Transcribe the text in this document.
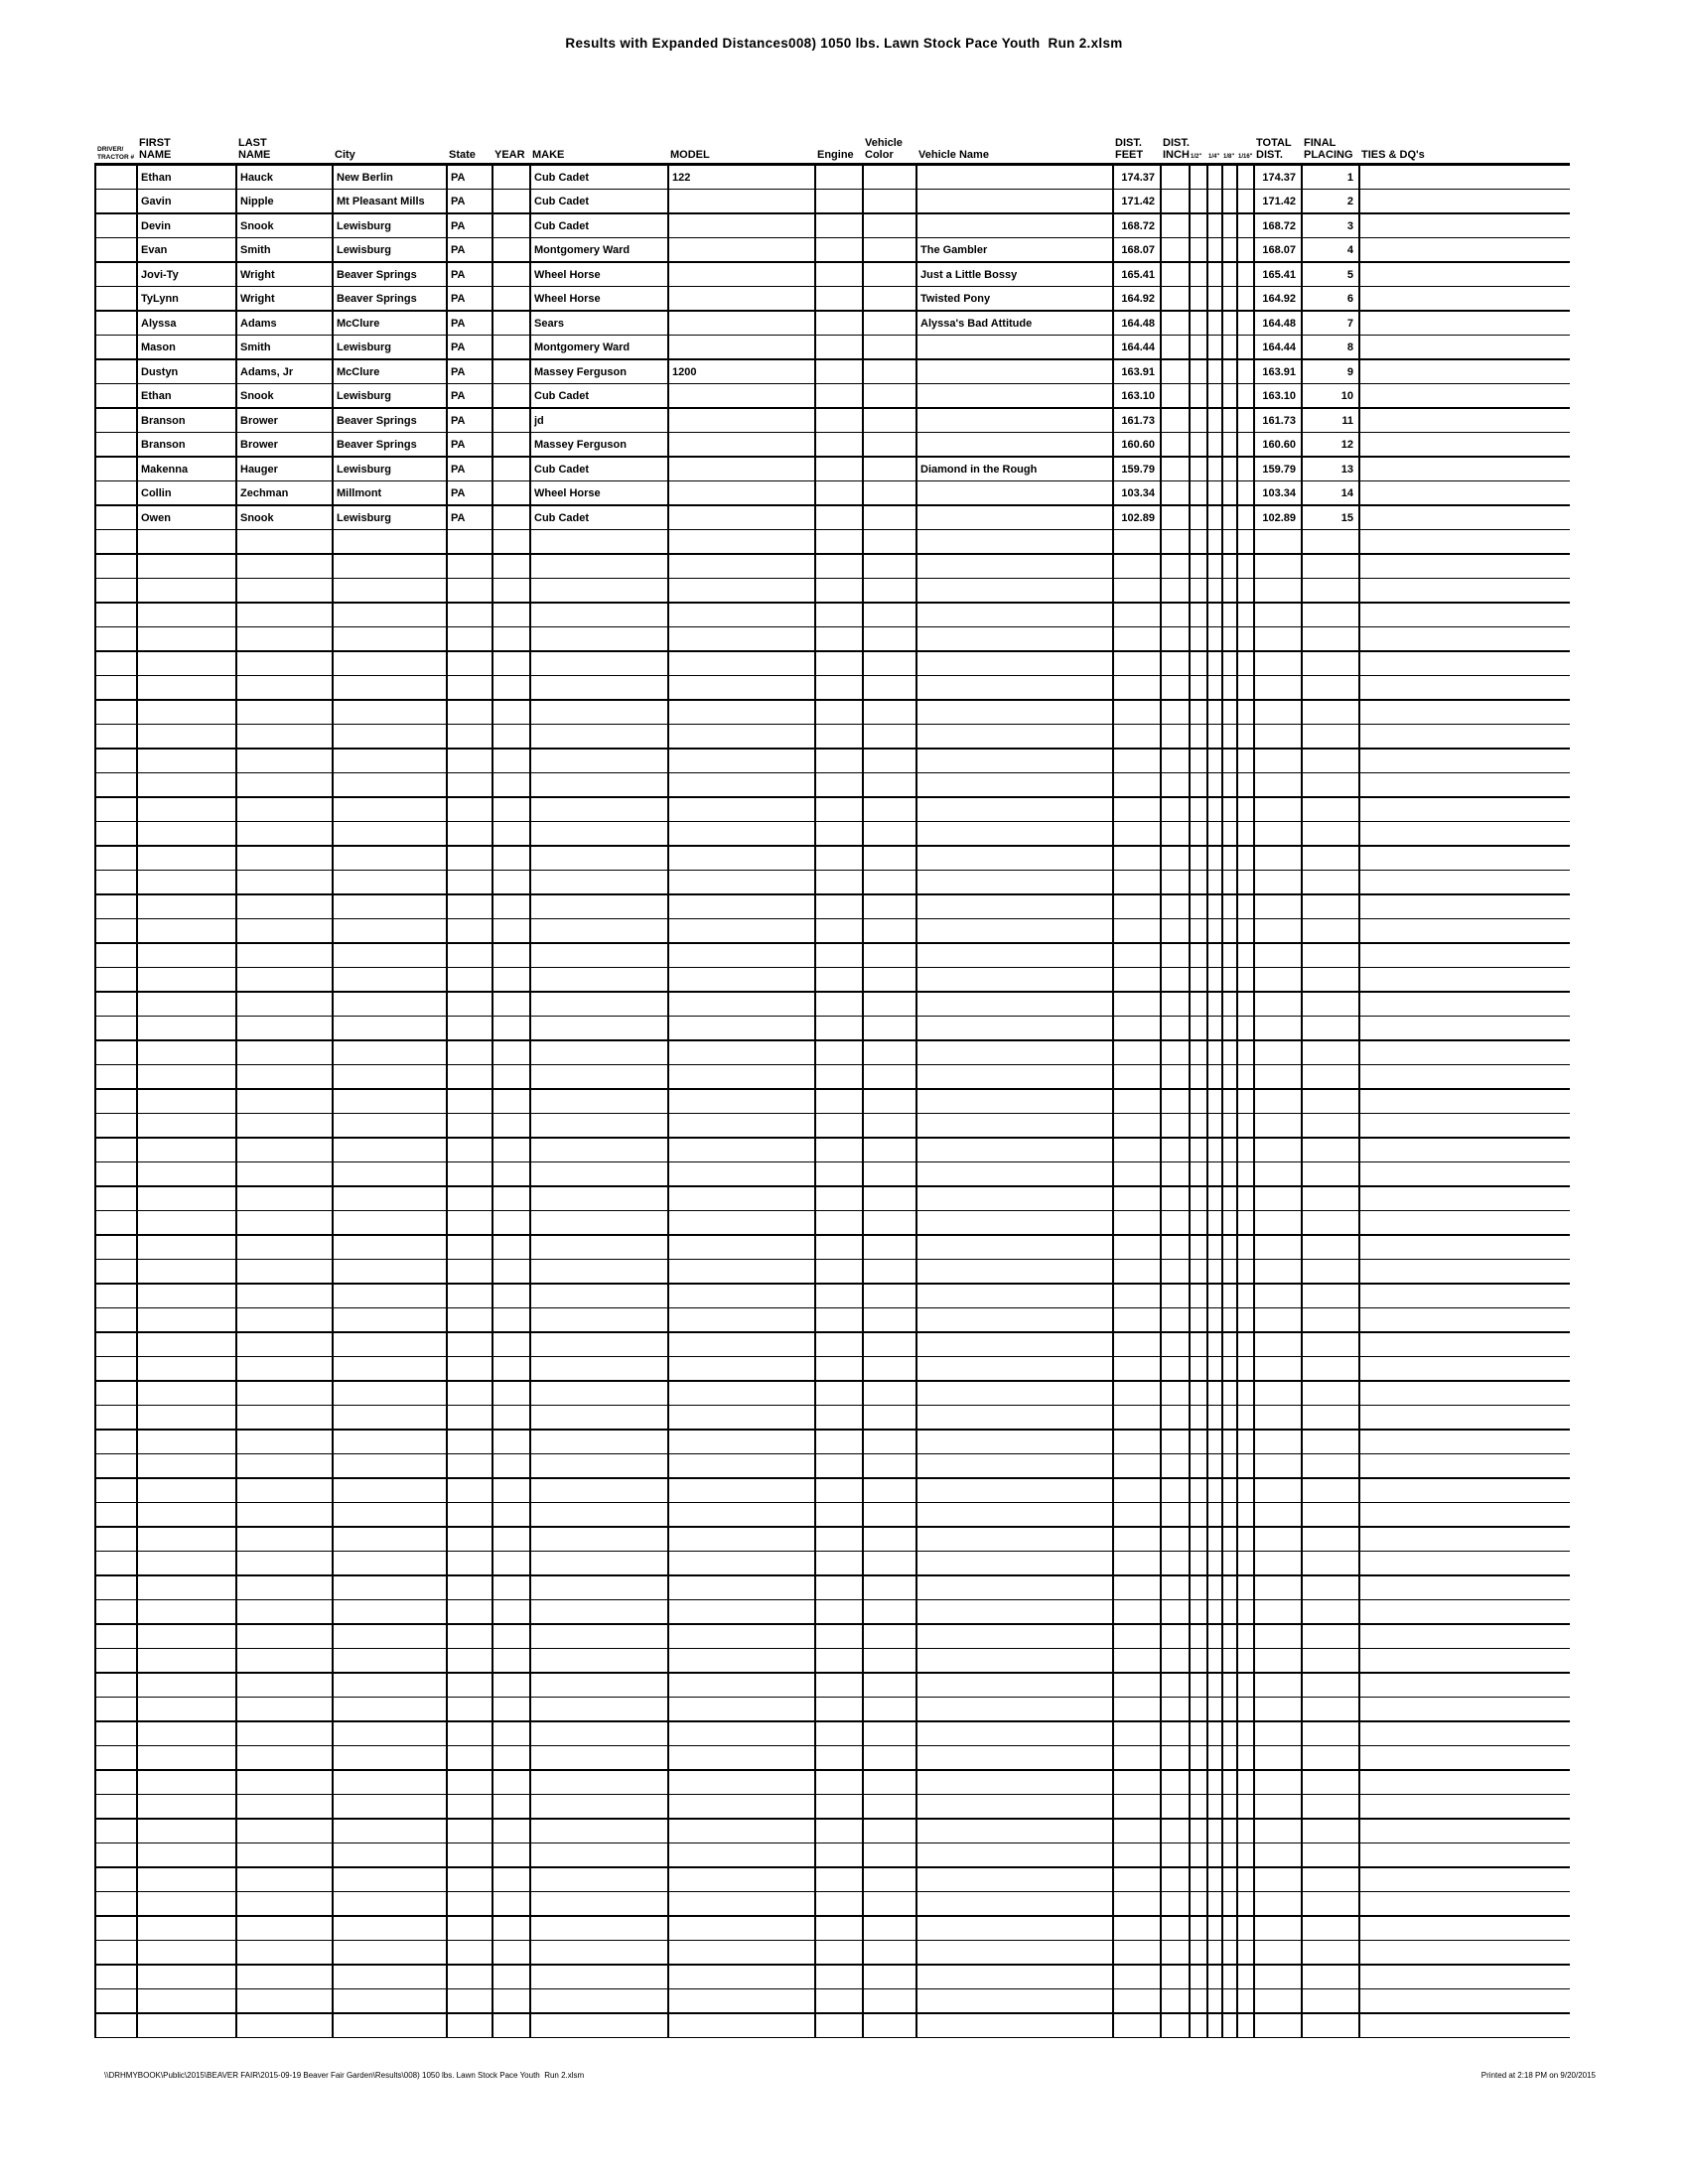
Results with Expanded Distances008) 1050 lbs. Lawn Stock Pace Youth  Run 2.xlsm
DRIVER/
TRACTOR #	FIRST
NAME	LAST
NAME	City	State	YEAR	MAKE	MODEL	Engine	Vehicle
Color	Vehicle Name	DIST.
FEET	DIST.
INCH	1/2"	1/4"	1/8"	1/16"	TOTAL
DIST.	FINAL
PLACING	TIES & DQ's
	Ethan	Hauck	New Berlin	PA		Cub Cadet	122				174.37						174.37	1	
	Gavin	Nipple	Mt Pleasant Mills	PA		Cub Cadet					171.42						171.42	2	
	Devin	Snook	Lewisburg	PA		Cub Cadet					168.72						168.72	3	
	Evan	Smith	Lewisburg	PA		Montgomery Ward				The Gambler	168.07						168.07	4	
	Jovi-Ty	Wright	Beaver Springs	PA		Wheel Horse				Just a Little Bossy	165.41						165.41	5	
	TyLynn	Wright	Beaver Springs	PA		Wheel Horse				Twisted Pony	164.92						164.92	6	
	Alyssa	Adams	McClure	PA		Sears				Alyssa's Bad Attitude	164.48						164.48	7	
	Mason	Smith	Lewisburg	PA		Montgomery Ward					164.44						164.44	8	
	Dustyn	Adams, Jr	McClure	PA		Massey Ferguson	1200				163.91						163.91	9	
	Ethan	Snook	Lewisburg	PA		Cub Cadet					163.10						163.10	10	
	Branson	Brower	Beaver Springs	PA		jd					161.73						161.73	11	
	Branson	Brower	Beaver Springs	PA		Massey Ferguson					160.60						160.60	12	
	Makenna	Hauger	Lewisburg	PA		Cub Cadet				Diamond in the Rough	159.79						159.79	13	
	Collin	Zechman	Millmont	PA		Wheel Horse					103.34						103.34	14	
	Owen	Snook	Lewisburg	PA		Cub Cadet					102.89						102.89	15	

\\DRHMYBOOK\Public\2015\BEAVER FAIR\2015-09-19 Beaver Fair Garden\Results\008) 1050 lbs. Lawn Stock Pace Youth  Run 2.xlsm	Printed at 2:18 PM on 9/20/2015
